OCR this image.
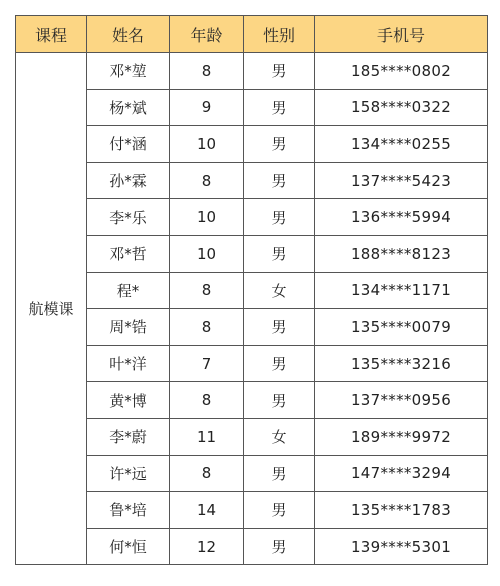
课程	姓名	年龄	性别	手机号
航模课	邓*堃	8	男	185****0802
	杨*斌	9	男	158****0322
	付*涵	10	男	134****0255
	孙*霖	8	男	137****5423
	李*乐	10	男	136****5994
	邓*哲	10	男	188****8123
	程*	8	女	134****1171
	周*锆	8	男	135****0079
	叶*洋	7	男	135****3216
	黄*博	8	男	137****0956
	李*蔚	11	女	189****9972
	许*远	8	男	147****3294
	鲁*培	14	男	135****1783
	何*恒	12	男	139****5301
